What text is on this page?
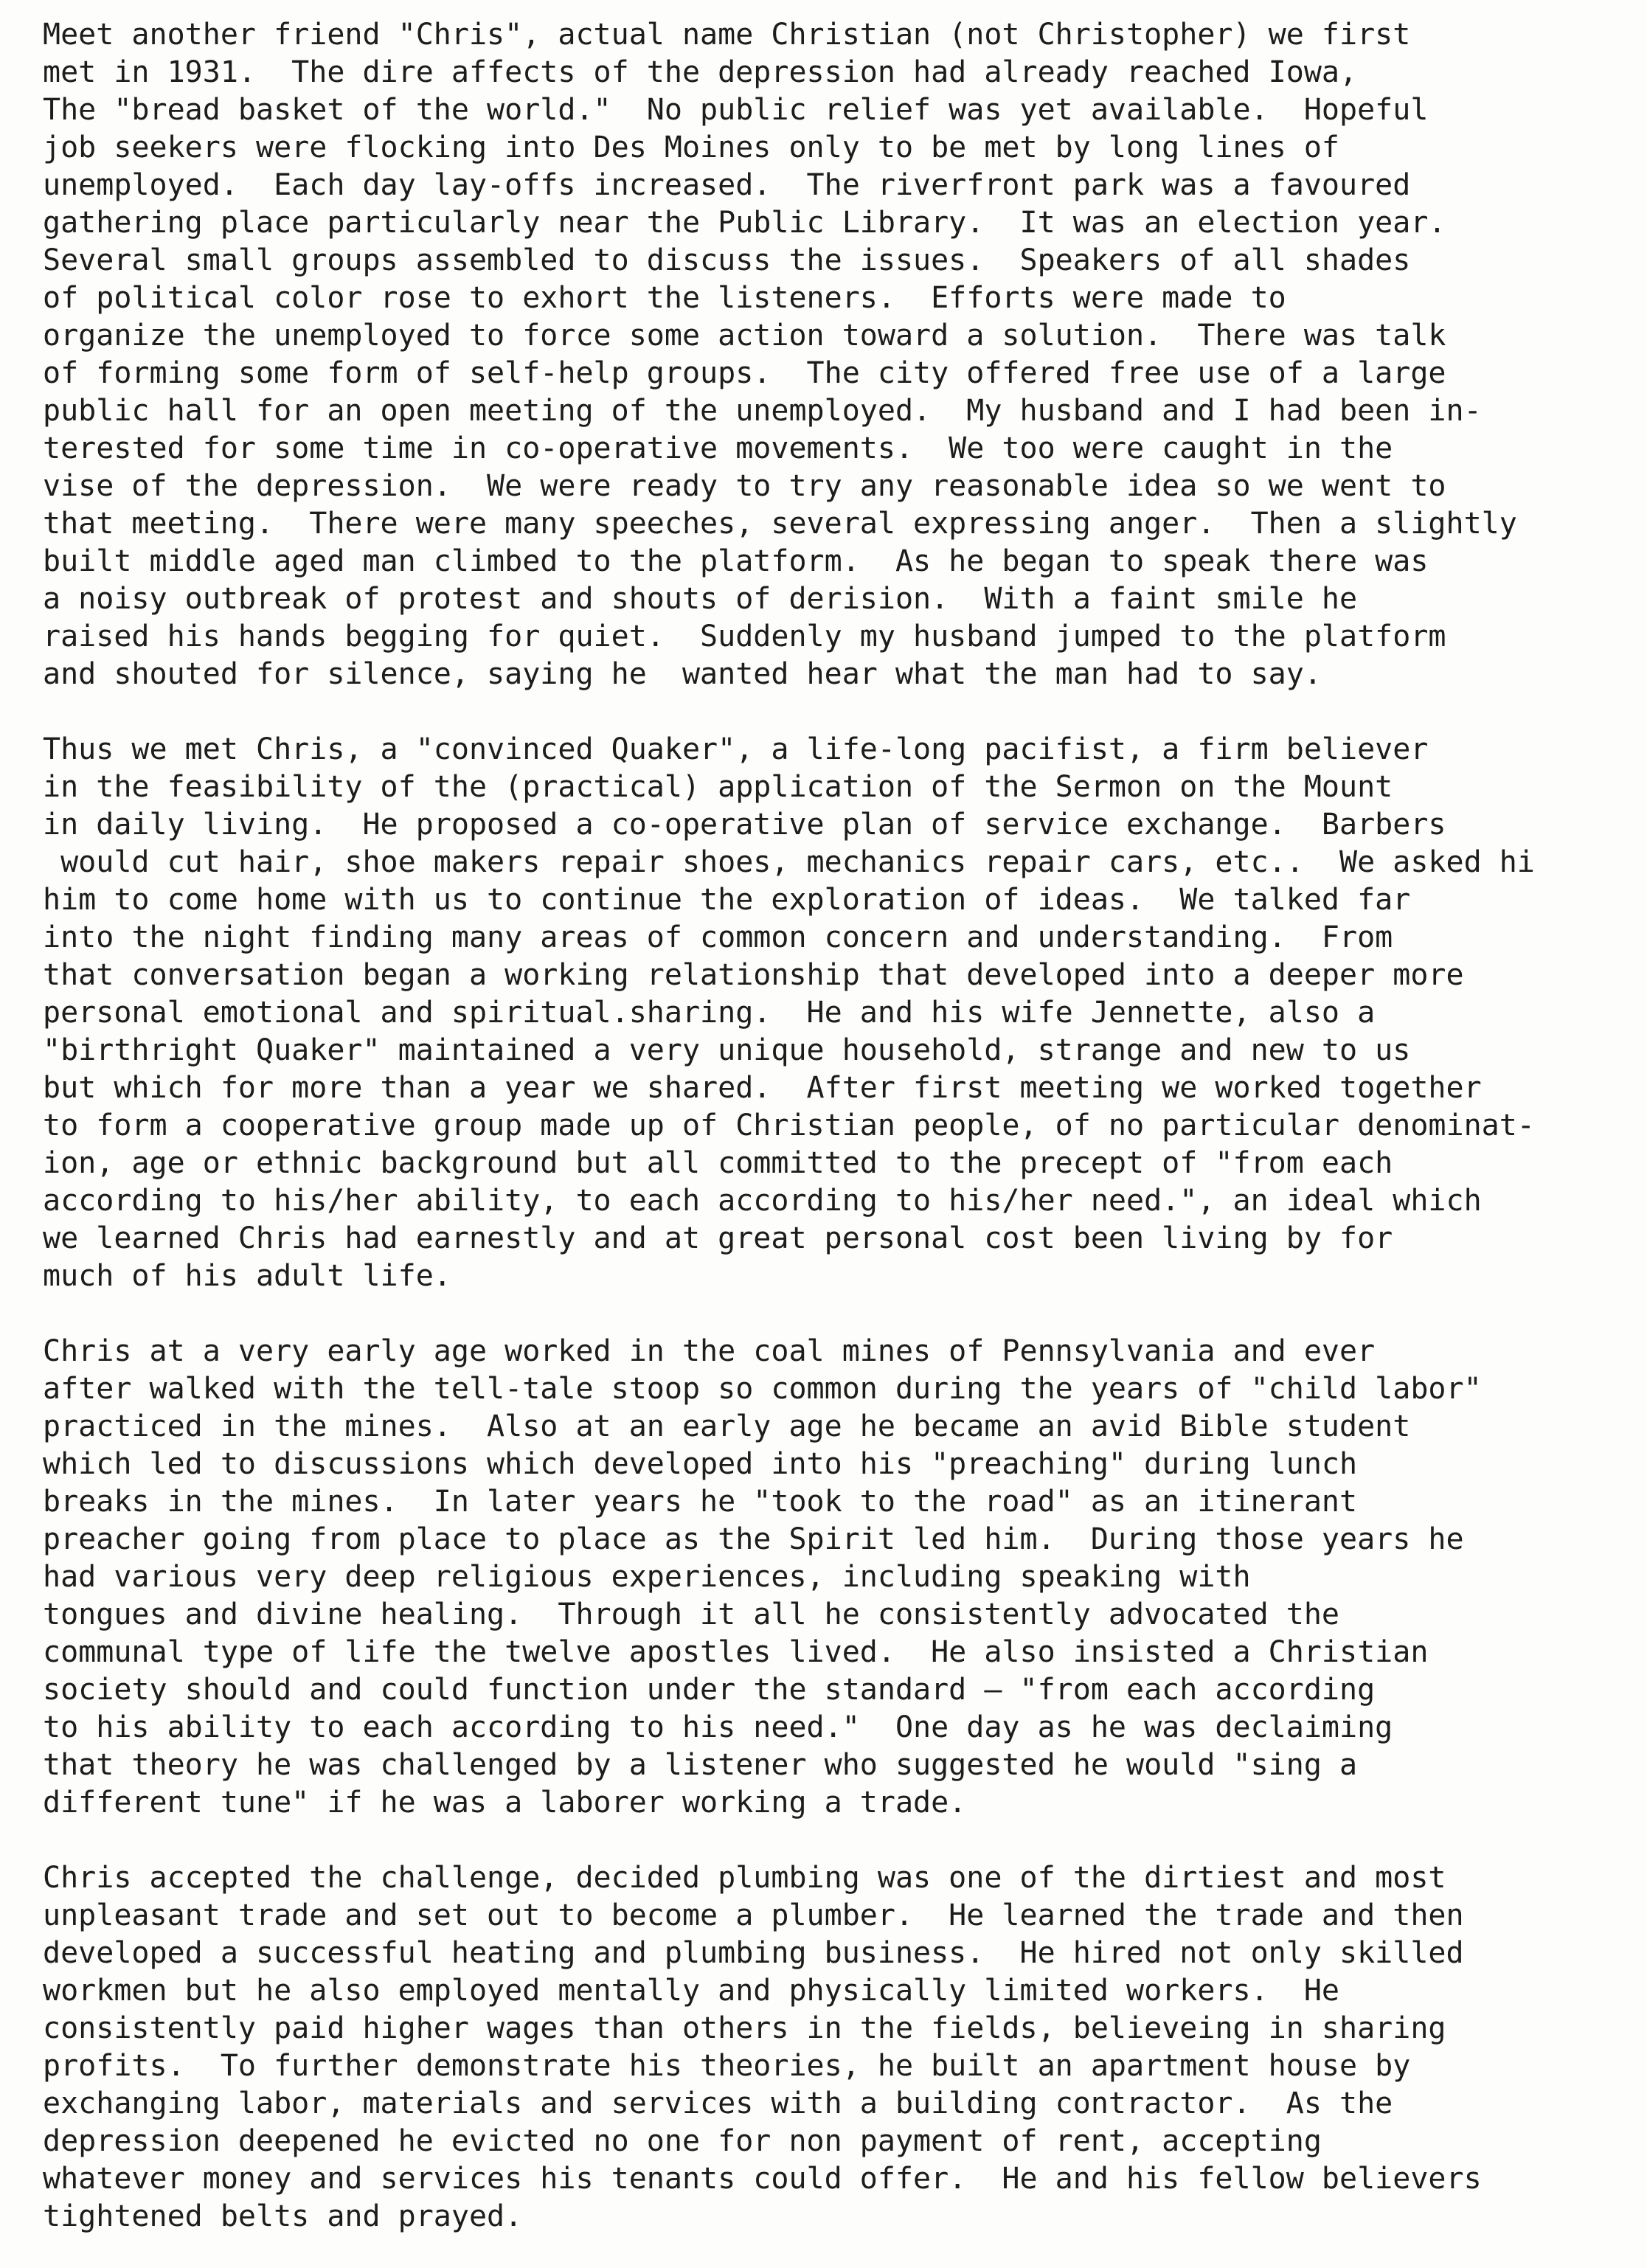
Meet another friend "Chris", actual name Christian (not Christopher) we first
met in 1931.  The dire affects of the depression had already reached Iowa,
The "bread basket of the world."  No public relief was yet available.  Hopeful
job seekers were flocking into Des Moines only to be met by long lines of
unemployed.  Each day lay-offs increased.  The riverfront park was a favoured
gathering place particularly near the Public Library.  It was an election year.
Several small groups assembled to discuss the issues.  Speakers of all shades
of political color rose to exhort the listeners.  Efforts were made to
organize the unemployed to force some action toward a solution.  There was talk
of forming some form of self-help groups.  The city offered free use of a large
public hall for an open meeting of the unemployed.  My husband and I had been in-
terested for some time in co-operative movements.  We too were caught in the
vise of the depression.  We were ready to try any reasonable idea so we went to
that meeting.  There were many speeches, several expressing anger.  Then a slightly
built middle aged man climbed to the platform.  As he began to speak there was
a noisy outbreak of protest and shouts of derision.  With a faint smile he
raised his hands begging for quiet.  Suddenly my husband jumped to the platform
and shouted for silence, saying he  wanted hear what the man had to say.
Thus we met Chris, a "convinced Quaker", a life-long pacifist, a firm believer
in the feasibility of the (practical) application of the Sermon on the Mount
in daily living.  He proposed a co-operative plan of service exchange.  Barbers
would cut hair, shoe makers repair shoes, mechanics repair cars, etc..  We asked hi
him to come home with us to continue the exploration of ideas.  We talked far
into the night finding many areas of common concern and understanding.  From
that conversation began a working relationship that developed into a deeper more
personal emotional and spiritual.sharing.  He and his wife Jennette, also a
"birthright Quaker" maintained a very unique household, strange and new to us
but which for more than a year we shared.  After first meeting we worked together
to form a cooperative group made up of Christian people, of no particular denominat-
ion, age or ethnic background but all committed to the precept of "from each
according to his/her ability, to each according to his/her need.", an ideal which
we learned Chris had earnestly and at great personal cost been living by for
much of his adult life.
Chris at a very early age worked in the coal mines of Pennsylvania and ever
after walked with the tell-tale stoop so common during the years of "child labor"
practiced in the mines.  Also at an early age he became an avid Bible student
which led to discussions which developed into his "preaching" during lunch
breaks in the mines.  In later years he "took to the road" as an itinerant
preacher going from place to place as the Spirit led him.  During those years he
had various very deep religious experiences, including speaking with
tongues and divine healing.  Through it all he consistently advocated the
communal type of life the twelve apostles lived.  He also insisted a Christian
society should and could function under the standard — "from each according
to his ability to each according to his need."  One day as he was declaiming
that theory he was challenged by a listener who suggested he would "sing a
different tune" if he was a laborer working a trade.
Chris accepted the challenge, decided plumbing was one of the dirtiest and most
unpleasant trade and set out to become a plumber.  He learned the trade and then
developed a successful heating and plumbing business.  He hired not only skilled
workmen but he also employed mentally and physically limited workers.  He
consistently paid higher wages than others in the fields, believeing in sharing
profits.  To further demonstrate his theories, he built an apartment house by
exchanging labor, materials and services with a building contractor.  As the
depression deepened he evicted no one for non payment of rent, accepting
whatever money and services his tenants could offer.  He and his fellow believers
tightened belts and prayed.
